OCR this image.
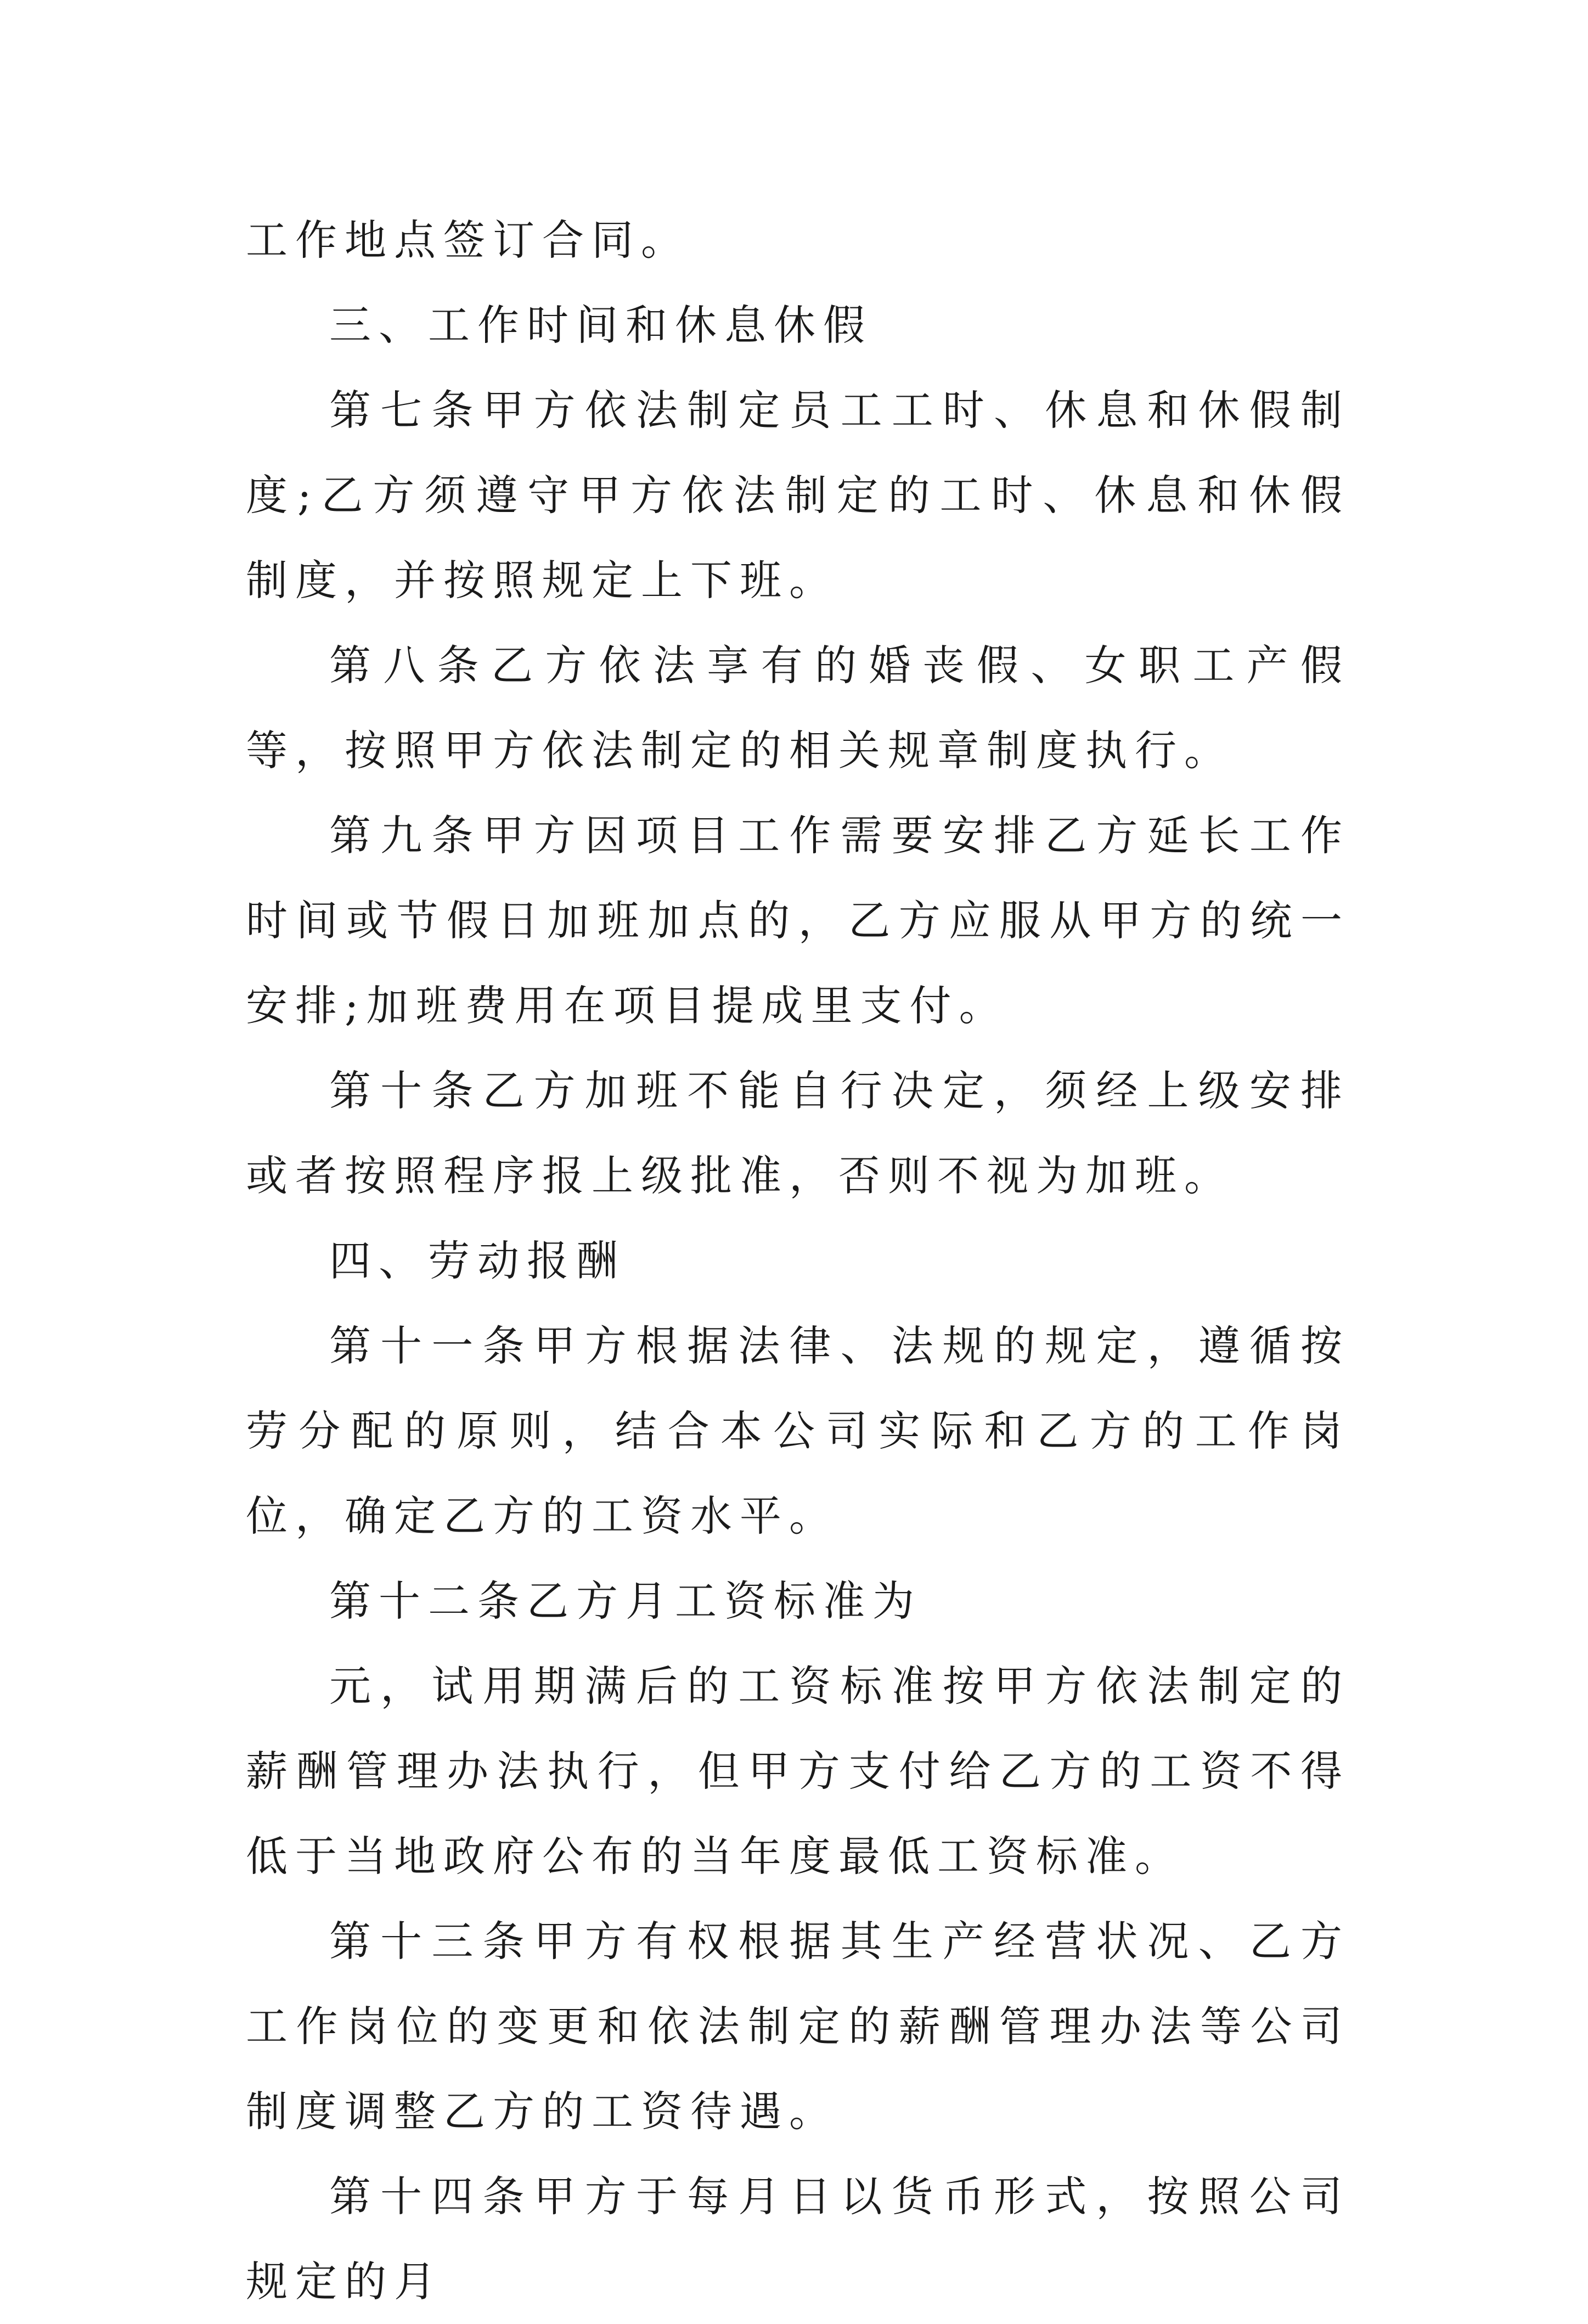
工作地点签订合同。

三、工作时间和休息休假

第七条甲方依法制定员工工时、休息和休假制度;乙方须遵守甲方依法制定的工时、休息和休假制度，并按照规定上下班。

第八条乙方依法享有的婚丧假、女职工产假等，按照甲方依法制定的相关规章制度执行。

第九条甲方因项目工作需要安排乙方延长工作时间或节假日加班加点的，乙方应服从甲方的统一安排;加班费用在项目提成里支付。

第十条乙方加班不能自行决定，须经上级安排或者按照程序报上级批准，否则不视为加班。

四、劳动报酬

第十一条甲方根据法律、法规的规定，遵循按劳分配的原则，结合本公司实际和乙方的工作岗位，确定乙方的工资水平。

第十二条乙方月工资标准为

元，试用期满后的工资标准按甲方依法制定的薪酬管理办法执行，但甲方支付给乙方的工资不得低于当地政府公布的当年度最低工资标准。

第十三条甲方有权根据其生产经营状况、乙方工作岗位的变更和依法制定的薪酬管理办法等公司制度调整乙方的工资待遇。

第十四条甲方于每月日以货币形式，按照公司规定的月
